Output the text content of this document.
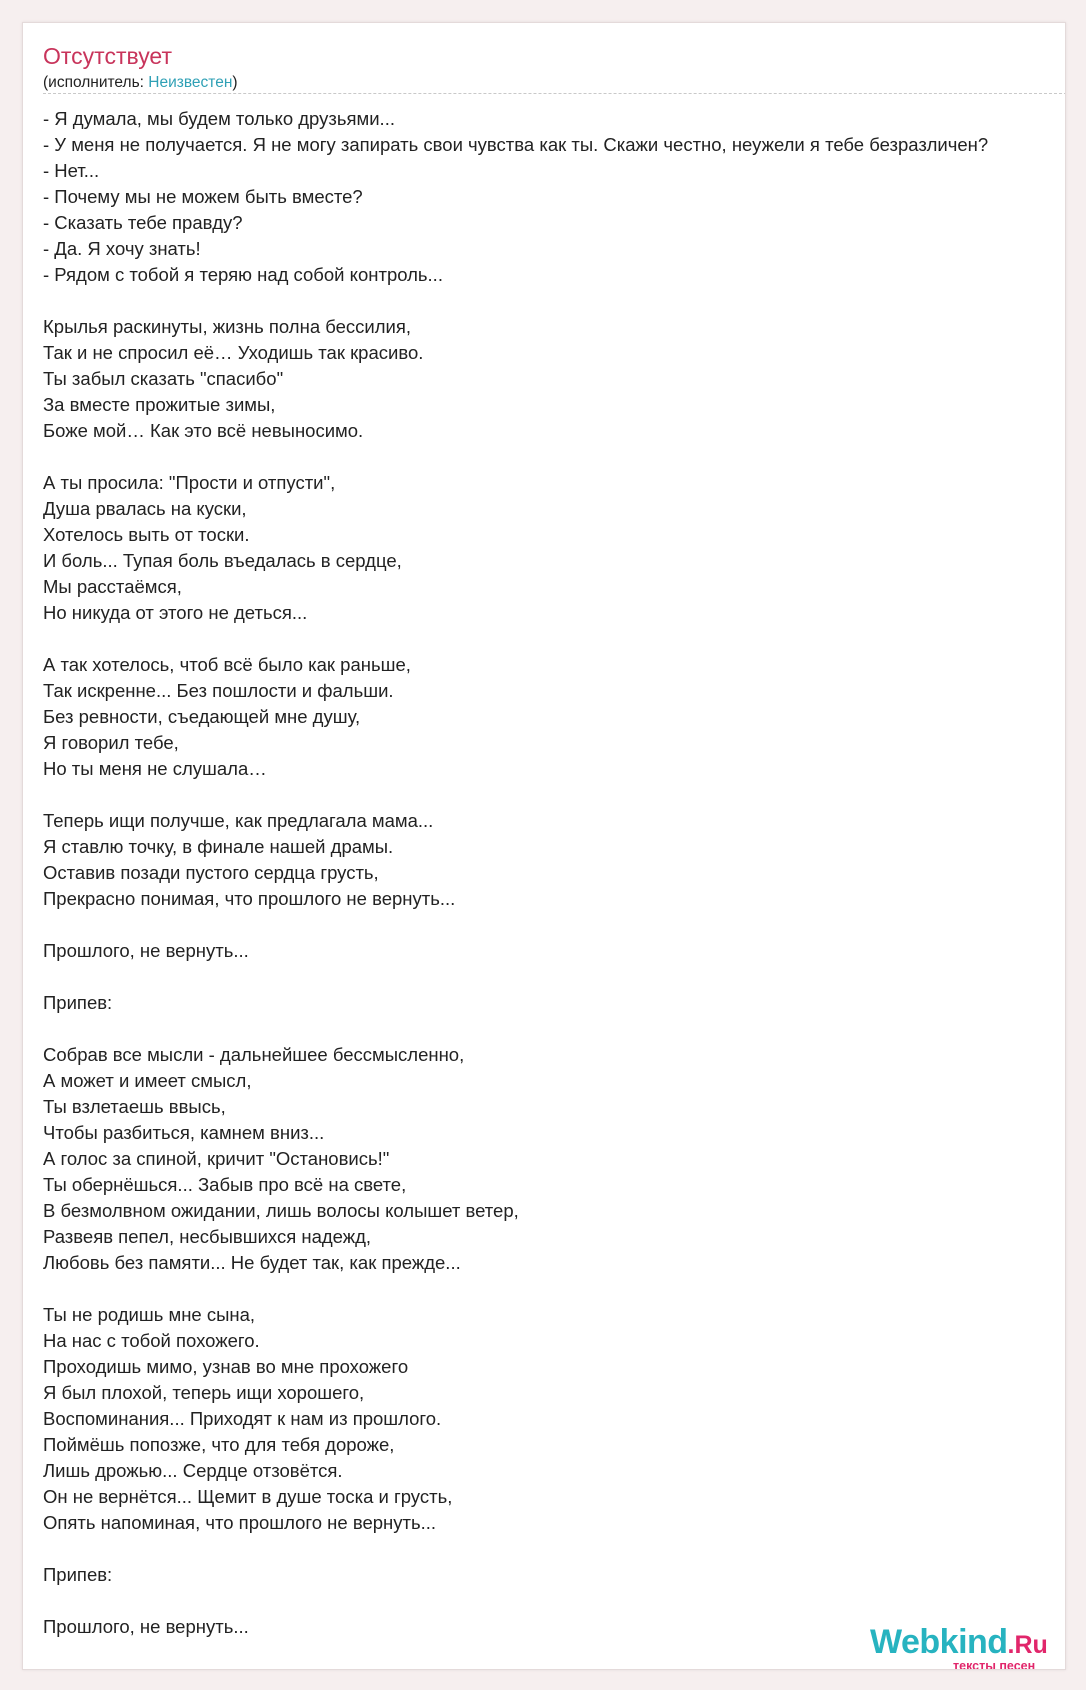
Отсутствует
(исполнитель: Неизвестен)
- Я думала, мы будем только друзьями...
- У меня не получается. Я не могу запирать свои чувства как ты. Скажи честно, неужели я тебе безразличен?
- Нет...
- Почему мы не можем быть вместе?
- Сказать тебе правду?
- Да. Я хочу знать!
- Рядом с тобой я теряю над собой контроль...

Крылья раскинуты, жизнь полна бессилия,
Так и не спросил её… Уходишь так красиво.
Ты забыл сказать "спасибо"
За вместе прожитые зимы,
Боже мой… Как это всё невыносимо.

А ты просила: "Прости и отпусти",
Душа рвалась на куски,
Хотелось выть от тоски.
И боль... Тупая боль въедалась в сердце,
Мы расстаёмся,
Но никуда от этого не деться...

А так хотелось, чтоб всё было как раньше,
Так искренне... Без пошлости и фальши.
Без ревности, съедающей мне душу,
Я говорил тебе,
Но ты меня не слушала…

Теперь ищи получше, как предлагала мама...
Я ставлю точку, в финале нашей драмы.
Оставив позади пустого сердца грусть,
Прекрасно понимая, что прошлого не вернуть...

Прошлого, не вернуть...

Припев:

Собрав все мысли - дальнейшее бессмысленно,
А может и имеет смысл,
Ты взлетаешь ввысь,
Чтобы разбиться, камнем вниз...
А голос за спиной, кричит "Остановись!"
Ты обернёшься... Забыв про всё на свете,
В безмолвном ожидании, лишь волосы колышет ветер,
Развеяв пепел, несбывшихся надежд,
Любовь без памяти... Не будет так, как прежде...

Ты не родишь мне сына,
На нас с тобой похожего.
Проходишь мимо, узнав во мне прохожего
Я был плохой, теперь ищи хорошего,
Воспоминания... Приходят к нам из прошлого.
Поймёшь попозже, что для тебя дороже,
Лишь дрожью... Сердце отзовётся.
Он не вернётся... Щемит в душе тоска и грусть,
Опять напоминая, что прошлого не вернуть...

Припев:

Прошлого, не вернуть...	Webkind.Ru
тексты песен
